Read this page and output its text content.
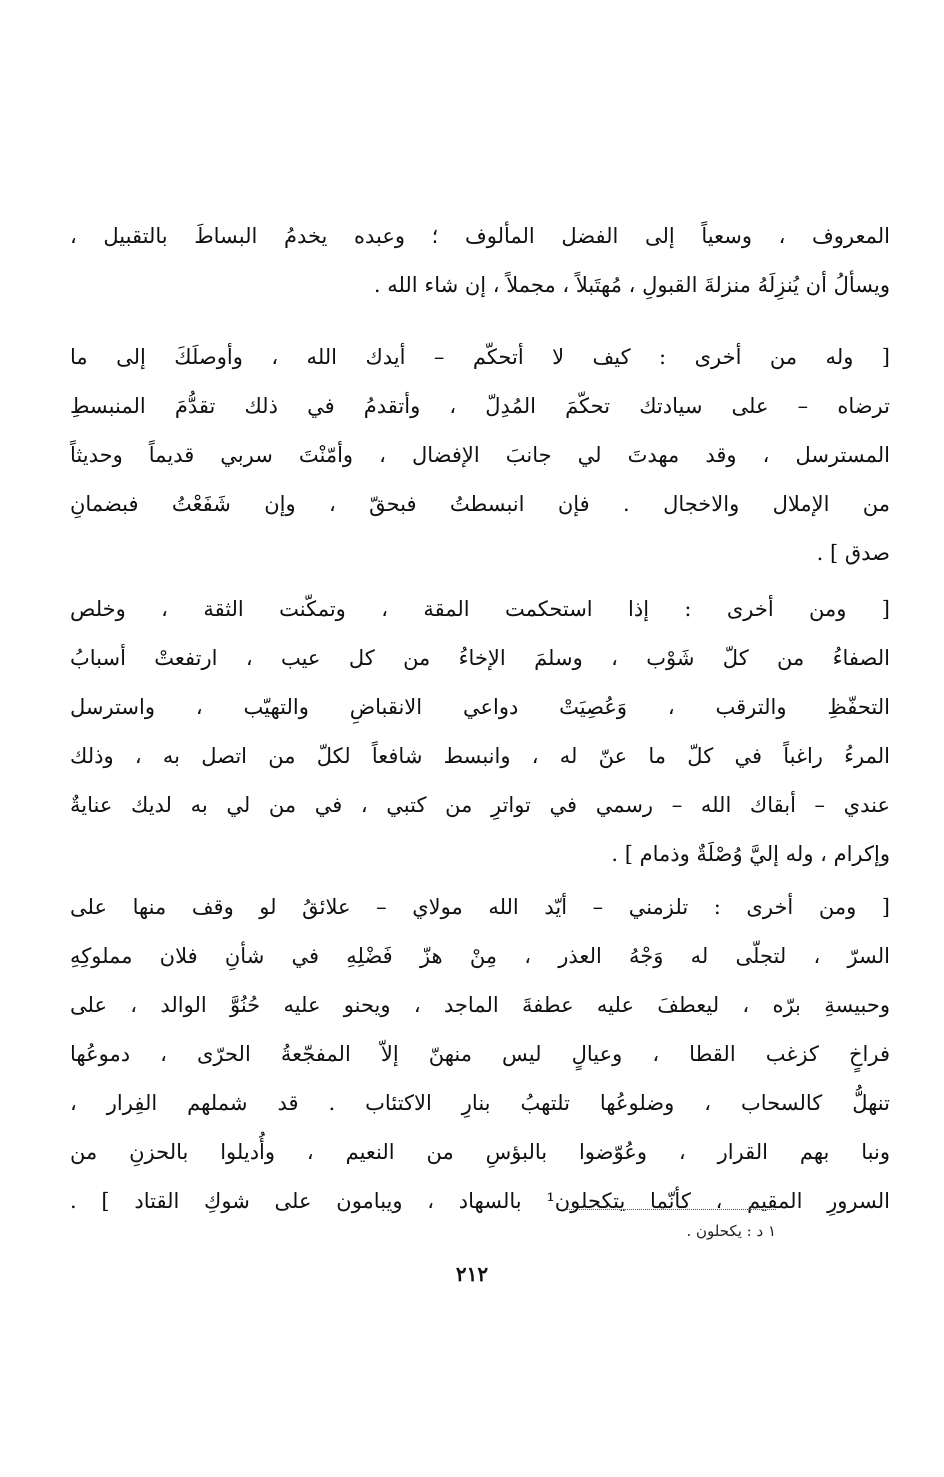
المعروف ، وسعياً إلى الفضل المألوف ؛ وعبده يخدمُ البساطَ بالتقبيل ،
ويسألُ أن يُنزِلَهُ منزلةَ القبولِ ، مُهتَبلاً ، مجملاً ، إن شاء الله .
[ وله من أخرى : كيف لا أتحكّم – أيدك الله ، وأوصلَكَ إلى ما
ترضاه – على سيادتك تحكّمَ المُدِلّ ، وأتقدمُ في ذلك تقدُّمَ المنبسطِ
المسترسل ، وقد مهدتَ لي جانبَ الإفضال ، وأمّنْتَ سربي قديماً وحديثاً
من الإملال والاخجال . فإن انبسطتُ فبحقّ ، وإن شَفَعْتُ فبضمانِ
صدق ] .
[ ومن أخرى : إذا استحكمت المقة ، وتمكّنت الثقة ، وخلص
الصفاءُ من كلّ شَوْب ، وسلمَ الإخاءُ من كل عيب ، ارتفعتْ أسبابُ
التحفّظِ والترقب ، وَعُصِيَتْ دواعي الانقباضِ والتهيّب ، واسترسل
المرءُ راغباً في كلّ ما عنّ له ، وانبسط شافعاً لكلّ من اتصل به ، وذلك
عندي – أبقاك الله – رسمي في تواترِ من كتبي ، في من لي به لديك عنايةٌ
وإكرام ، وله إليَّ وُصْلَةٌ وذمام ] .
[ ومن أخرى : تلزمني – أيّد الله مولاي – علائقُ لو وقف منها على
السرّ ، لتجلّى له وَجْهُ العذر ، مِنْ هزّ فَضْلِهِ في شأنِ فلان مملوكِهِ
وحبيسةِ برّه ، ليعطفَ عليه عطفةَ الماجد ، ويحنو عليه حُنُوَّ الوالد ، على
فراخٍ كزغب القطا ، وعيالٍ ليس منهنّ إلاّ المفجّعةُ الحرّى ، دموعُها
تنهلُّ كالسحاب ، وضلوعُها تلتهبُ بنارِ الاكتئاب . قد شملهم الفِرار ،
ونبا بهم القرار ، وعُوّضوا بالبؤسِ من النعيم ، وأُديلوا بالحزنِ من
السرورِ المقيم ، كأنّما يتكحلون¹ بالسهاد ، ويبامون على شوكِ القتاد ] .
١ د : يكحلون .
٢١٢
